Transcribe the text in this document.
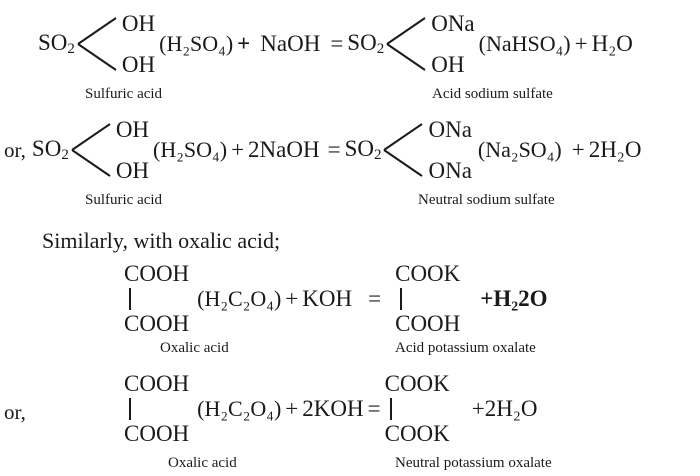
$SO_2$
OH
OH
(H₂SO₄) + NaOH = $SO_2$
ONa
OH
(NaHSO₄) + H₂O
Sulfuric acid	Acid sodium sulfate
or, $SO_2$
OH
OH
(H₂SO₄) + 2NaOH = $SO_2$
ONa
ONa
(Na₂SO₄) + 2H₂O
Sulfuric acid	Neutral sodium sulfate
Similarly, with oxalic acid;
COOH
COOH
(H₂C₂O₄) + KOH =
COOK
COOH
+H₂2O
Oxalic acid	Acid potassium oxalate
or,
COOH
COOH
(H₂C₂O₄) + 2KOH =
COOK
COOK
+2H₂O
Oxalic acid	Neutral potassium oxalate
